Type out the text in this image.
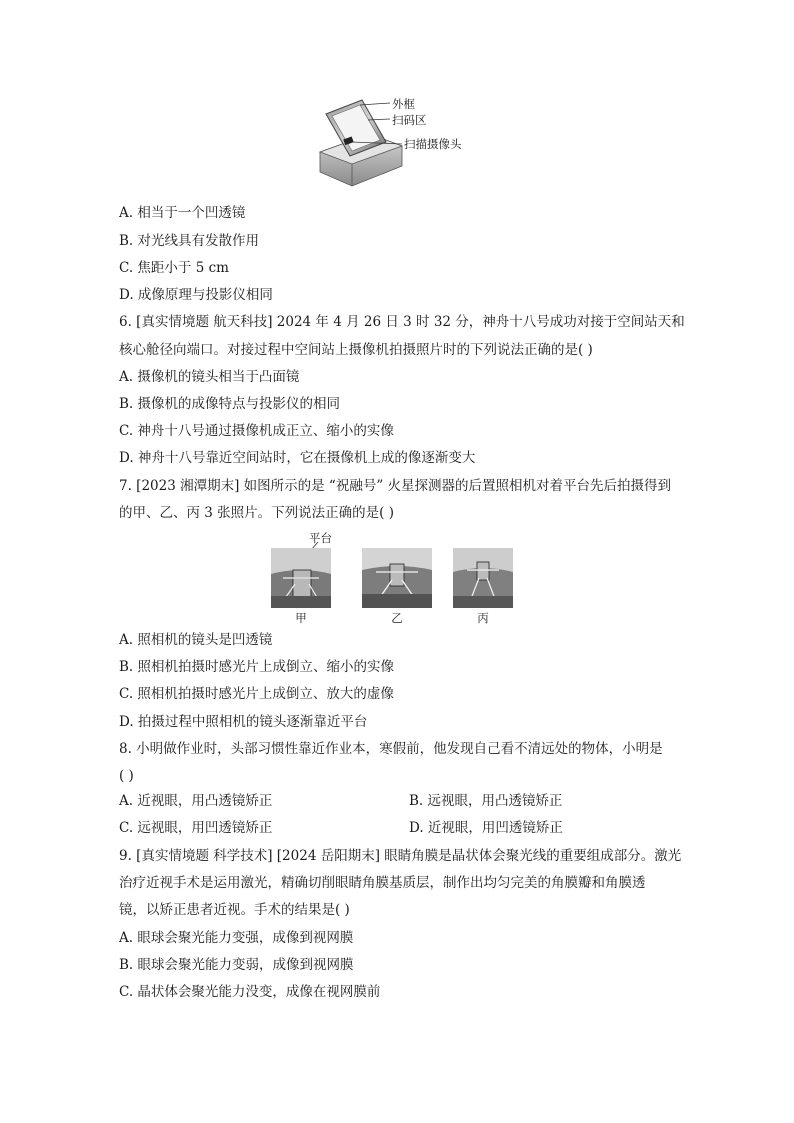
外框
扫码区
扫描摄像头
A. 相当于一个凹透镜
B. 对光线具有发散作用
C. 焦距小于 5 cm
D. 成像原理与投影仪相同
6. [真实情境题 航天科技] 2024 年 4 月 26 日 3 时 32 分，神舟十八号成功对接于空间站天和
核心舱径向端口。对接过程中空间站上摄像机拍摄照片时的下列说法正确的是( )
A. 摄像机的镜头相当于凸面镜
B. 摄像机的成像特点与投影仪的相同
C. 神舟十八号通过摄像机成正立、缩小的实像
D. 神舟十八号靠近空间站时，它在摄像机上成的像逐渐变大
7. [2023 湘潭期末] 如图所示的是 “祝融号” 火星探测器的后置照相机对着平台先后拍摄得到
的甲、乙、丙 3 张照片。下列说法正确的是( )
平台
甲	乙	丙
A. 照相机的镜头是凹透镜
B. 照相机拍摄时感光片上成倒立、缩小的实像
C. 照相机拍摄时感光片上成倒立、放大的虚像
D. 拍摄过程中照相机的镜头逐渐靠近平台
8. 小明做作业时，头部习惯性靠近作业本，寒假前，他发现自己看不清远处的物体，小明是
( )
A. 近视眼，用凸透镜矫正	B. 远视眼，用凸透镜矫正
C. 远视眼，用凹透镜矫正	D. 近视眼，用凹透镜矫正
9. [真实情境题 科学技术] [2024 岳阳期末] 眼睛角膜是晶状体会聚光线的重要组成部分。激光
治疗近视手术是运用激光，精确切削眼睛角膜基质层，制作出均匀完美的角膜瓣和角膜透
镜，以矫正患者近视。手术的结果是( )
A. 眼球会聚光能力变强，成像到视网膜
B. 眼球会聚光能力变弱，成像到视网膜
C. 晶状体会聚光能力没变，成像在视网膜前
